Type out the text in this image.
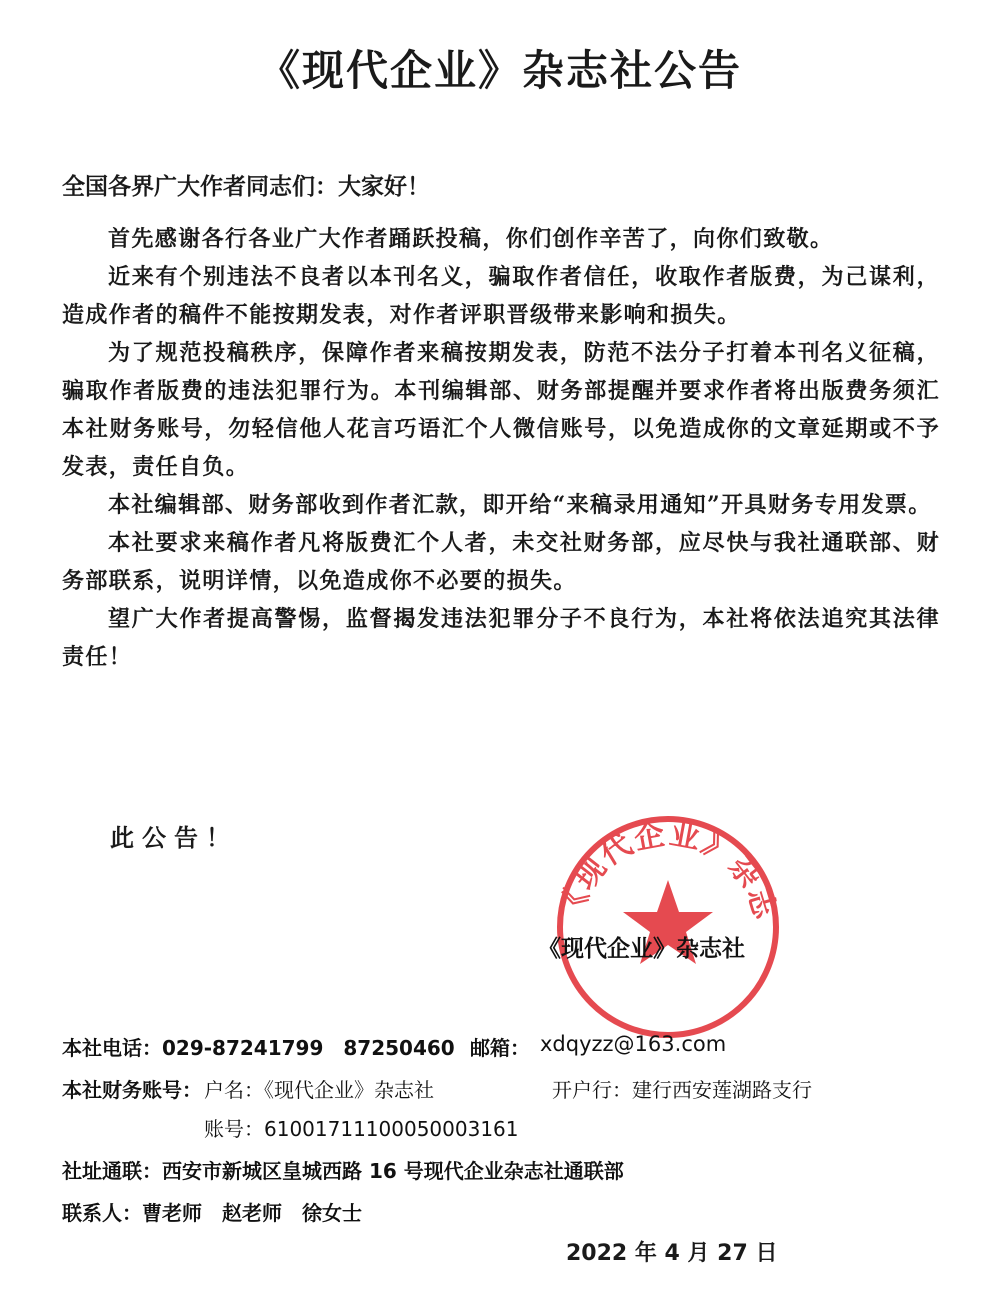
《现代企业》杂志社公告
全国各界广大作者同志们：大家好！

首先感谢各行各业广大作者踊跃投稿，你们创作辛苦了，向你们致敬。

近来有个别违法不良者以本刊名义，骗取作者信任，收取作者版费，为己谋利，造成作者的稿件不能按期发表，对作者评职晋级带来影响和损失。

为了规范投稿秩序，保障作者来稿按期发表，防范不法分子打着本刊名义征稿，骗取作者版费的违法犯罪行为。本刊编辑部、财务部提醒并要求作者将出版费务须汇本社财务账号，勿轻信他人花言巧语汇个人微信账号，以免造成你的文章延期或不予发表，责任自负。

本社编辑部、财务部收到作者汇款，即开给“来稿录用通知”开具财务专用发票。

本社要求来稿作者凡将版费汇个人者，未交社财务部，应尽快与我社通联部、财务部联系，说明详情，以免造成你不必要的损失。

望广大作者提高警惕，监督揭发违法犯罪分子不良行为，本社将依法追究其法律责任！

此公告！
《现代企业》杂志
《现代企业》杂志社
本社电话： 029-87241799　87250460 邮箱： xdqyzz@163.com
本社财务账号： 户名：《现代企业》杂志社	开户行：建行西安莲湖路支行
账号：6100171110005000316​1
社址通联： 西安市新城区皇城西路 16 号现代企业杂志社通联部
联系人： 曹老师　赵老师　徐女士
2022 年 4 月 27 日
